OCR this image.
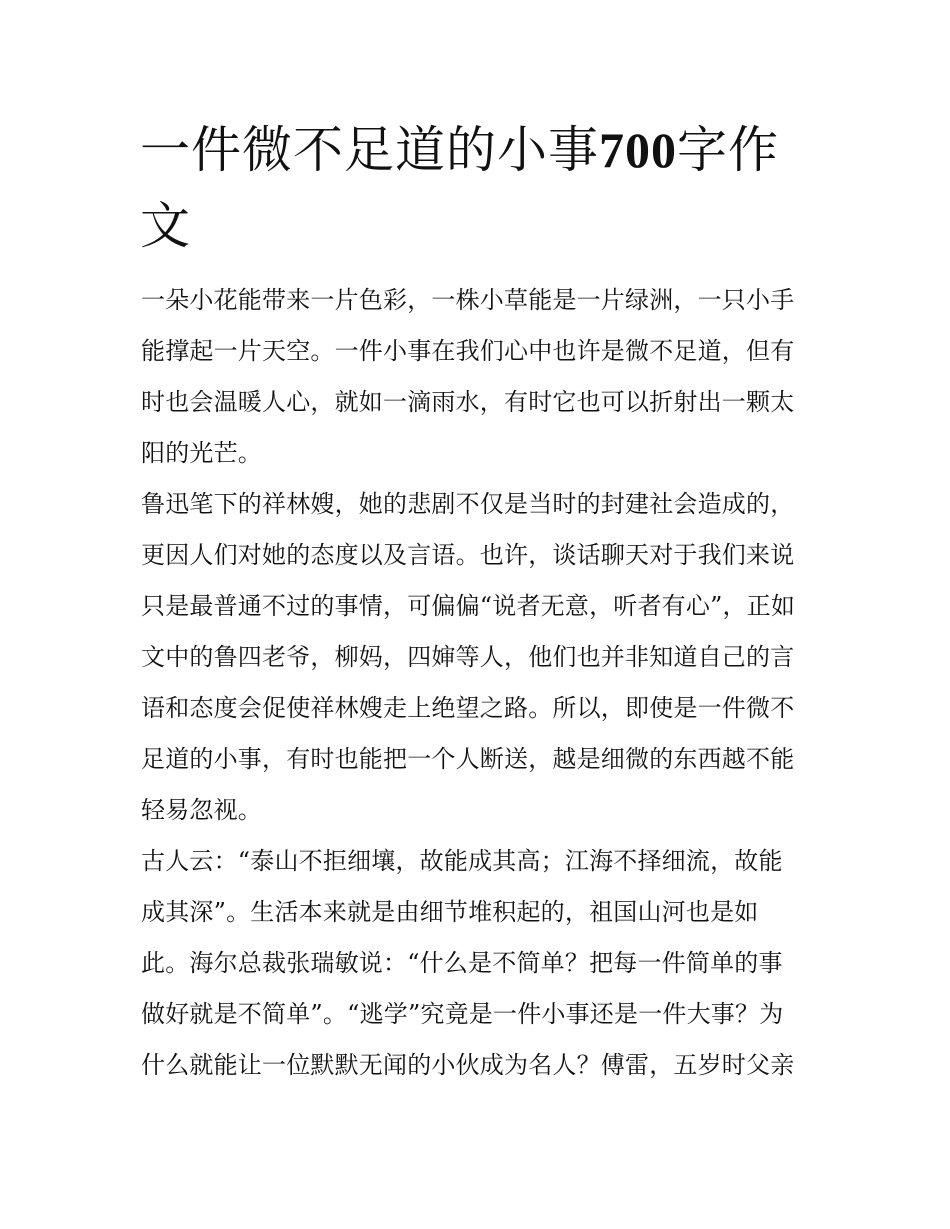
一件微不足道的小事700字作
文
一朵小花能带来一片色彩，一株小草能是一片绿洲，一只小手
能撑起一片天空。一件小事在我们心中也许是微不足道，但有
时也会温暖人心，就如一滴雨水，有时它也可以折射出一颗太
阳的光芒。
鲁迅笔下的祥林嫂，她的悲剧不仅是当时的封建社会造成的，
更因人们对她的态度以及言语。也许，谈话聊天对于我们来说
只是最普通不过的事情，可偏偏“说者无意，听者有心”，正如
文中的鲁四老爷，柳妈，四婶等人，他们也并非知道自己的言
语和态度会促使祥林嫂走上绝望之路。所以，即使是一件微不
足道的小事，有时也能把一个人断送，越是细微的东西越不能
轻易忽视。
古人云：“泰山不拒细壤，故能成其高；江海不择细流，故能
成其深”。生活本来就是由细节堆积起的，祖国山河也是如
此。海尔总裁张瑞敏说：“什么是不简单？把每一件简单的事
做好就是不简单”。“逃学”究竟是一件小事还是一件大事？为
什么就能让一位默默无闻的小伙成为名人？傅雷，五岁时父亲
